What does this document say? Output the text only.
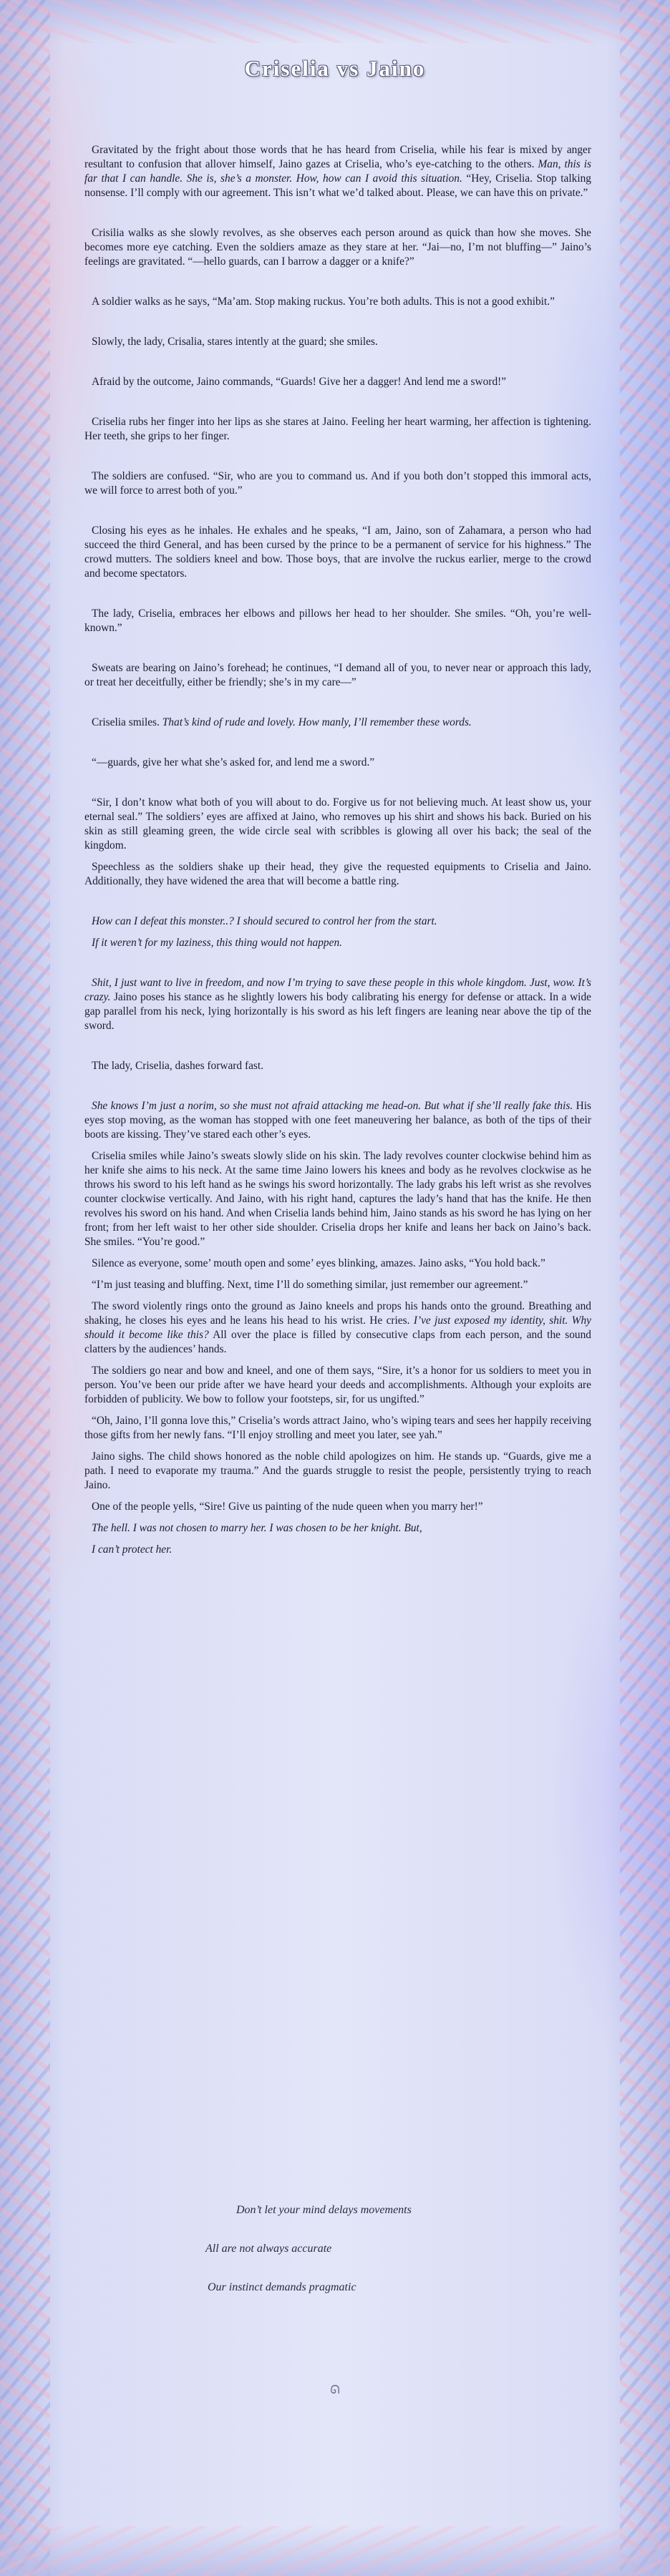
Criselia vs Jaino

Gravitated by the fright about those words that he has heard from Criselia, while his fear is mixed by anger resultant to confusion that allover himself, Jaino gazes at Criselia, who’s eye-catching to the others. Man, this is far that I can handle. She is, she’s a monster. How, how can I avoid this situation. “Hey, Criselia. Stop talking nonsense. I’ll comply with our agreement. This isn’t what we’d talked about. Please, we can have this on private.”

Crisilia walks as she slowly revolves, as she observes each person around as quick than how she moves. She becomes more eye catching. Even the soldiers amaze as they stare at her. “Jai—no, I’m not bluffing—” Jaino’s feelings are gravitated. “—hello guards, can I barrow a dagger or a knife?”

A soldier walks as he says, “Ma’am. Stop making ruckus. You’re both adults. This is not a good exhibit.”

Slowly, the lady, Crisalia, stares intently at the guard; she smiles.

Afraid by the outcome, Jaino commands, “Guards! Give her a dagger! And lend me a sword!”

Criselia rubs her finger into her lips as she stares at Jaino. Feeling her heart warming, her affection is tightening. Her teeth, she grips to her finger.

The soldiers are confused. “Sir, who are you to command us. And if you both don’t stopped this immoral acts, we will force to arrest both of you.”

Closing his eyes as he inhales. He exhales and he speaks, “I am, Jaino, son of Zahamara, a person who had succeed the third General, and has been cursed by the prince to be a permanent of service for his highness.” The crowd mutters. The soldiers kneel and bow. Those boys, that are involve the ruckus earlier, merge to the crowd and become spectators.

The lady, Criselia, embraces her elbows and pillows her head to her shoulder. She smiles. “Oh, you’re well-known.”

Sweats are bearing on Jaino’s forehead; he continues, “I demand all of you, to never near or approach this lady, or treat her deceitfully, either be friendly; she’s in my care—”

Criselia smiles. That’s kind of rude and lovely. How manly, I’ll remember these words.

“—guards, give her what she’s asked for, and lend me a sword.”

“Sir, I don’t know what both of you will about to do. Forgive us for not believing much. At least show us, your eternal seal.” The soldiers’ eyes are affixed at Jaino, who removes up his shirt and shows his back. Buried on his skin as still gleaming green, the wide circle seal with scribbles is glowing all over his back; the seal of the kingdom.

Speechless as the soldiers shake up their head, they give the requested equipments to Criselia and Jaino. Additionally, they have widened the area that will become a battle ring.

How can I defeat this monster..? I should secured to control her from the start.

If it weren’t for my laziness, this thing would not happen.

Shit, I just want to live in freedom, and now I’m trying to save these people in this whole kingdom. Just, wow. It’s crazy. Jaino poses his stance as he slightly lowers his body calibrating his energy for defense or attack. In a wide gap parallel from his neck, lying horizontally is his sword as his left fingers are leaning near above the tip of the sword.

The lady, Criselia, dashes forward fast.

She knows I’m just a norim, so she must not afraid attacking me head-on. But what if she’ll really fake this. His eyes stop moving, as the woman has stopped with one feet maneuvering her balance, as both of the tips of their boots are kissing. They’ve stared each other’s eyes.

Criselia smiles while Jaino’s sweats slowly slide on his skin. The lady revolves counter clockwise behind him as her knife she aims to his neck. At the same time Jaino lowers his knees and body as he revolves clockwise as he throws his sword to his left hand as he swings his sword horizontally. The lady grabs his left wrist as she revolves counter clockwise vertically. And Jaino, with his right hand, captures the lady’s hand that has the knife. He then revolves his sword on his hand. And when Criselia lands behind him, Jaino stands as his sword he has lying on her front; from her left waist to her other side shoulder. Criselia drops her knife and leans her back on Jaino’s back. She smiles. “You’re good.”

Silence as everyone, some’ mouth open and some’ eyes blinking, amazes. Jaino asks, “You hold back.”

“I’m just teasing and bluffing. Next, time I’ll do something similar, just remember our agreement.”

The sword violently rings onto the ground as Jaino kneels and props his hands onto the ground. Breathing and shaking, he closes his eyes and he leans his head to his wrist. He cries. I’ve just exposed my identity, shit. Why should it become like this? All over the place is filled by consecutive claps from each person, and the sound clatters by the audiences’ hands.

The soldiers go near and bow and kneel, and one of them says, “Sire, it’s a honor for us soldiers to meet you in person. You’ve been our pride after we have heard your deeds and accomplishments. Although your exploits are forbidden of publicity. We bow to follow your footsteps, sir, for us ungifted.”

“Oh, Jaino, I’ll gonna love this,” Criselia’s words attract Jaino, who’s wiping tears and sees her happily receiving those gifts from her newly fans. “I’ll enjoy strolling and meet you later, see yah.”

Jaino sighs. The child shows honored as the noble child apologizes on him. He stands up. “Guards, give me a path. I need to evaporate my trauma.” And the guards struggle to resist the people, persistently trying to reach Jaino.

One of the people yells, “Sire! Give us painting of the nude queen when you marry her!”

The hell. I was not chosen to marry her. I was chosen to be her knight. But,

I can’t protect her.

Don’t let your mind delays movements
All are not always accurate
Our instinct demands pragmatic
ᘏ
